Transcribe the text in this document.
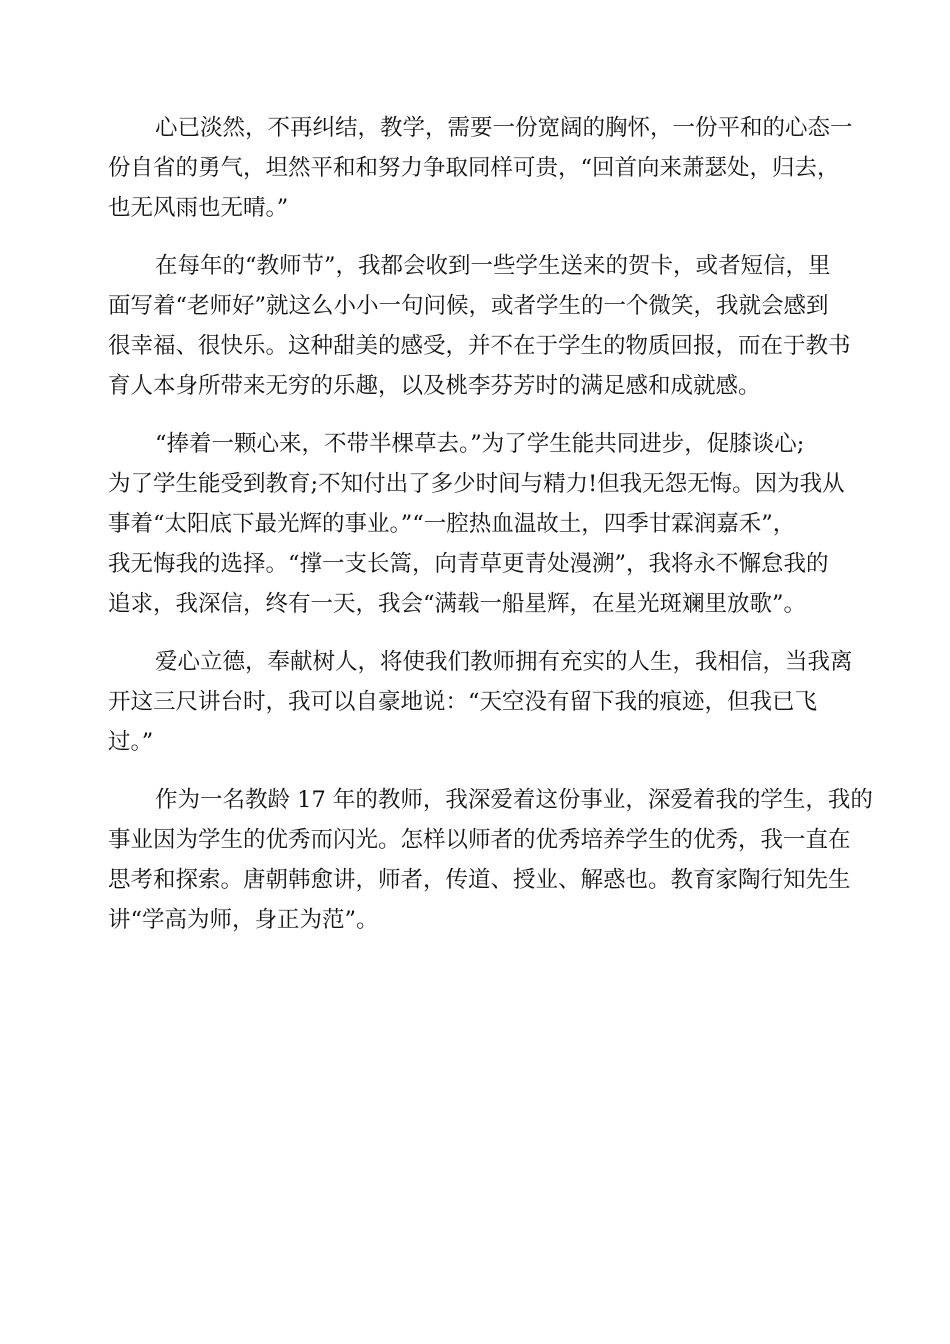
心已淡然，不再纠结，教学，需要一份宽阔的胸怀，一份平和的心态一
份自省的勇气，坦然平和和努力争取同样可贵，“回首向来萧瑟处，归去，
也无风雨也无晴。”

在每年的“教师节”，我都会收到一些学生送来的贺卡，或者短信，里
面写着“老师好”就这么小小一句问候，或者学生的一个微笑，我就会感到
很幸福、很快乐。这种甜美的感受，并不在于学生的物质回报，而在于教书
育人本身所带来无穷的乐趣，以及桃李芬芳时的满足感和成就感。

“捧着一颗心来，不带半棵草去。”为了学生能共同进步，促膝谈心;
为了学生能受到教育;不知付出了多少时间与精力!但我无怨无悔。因为我从
事着“太阳底下最光辉的事业。”“一腔热血温故土，四季甘霖润嘉禾”，
我无悔我的选择。“撑一支长篙，向青草更青处漫溯”，我将永不懈怠我的
追求，我深信，终有一天，我会“满载一船星辉，在星光斑斓里放歌”。

爱心立德，奉献树人，将使我们教师拥有充实的人生，我相信，当我离
开这三尺讲台时，我可以自豪地说：“天空没有留下我的痕迹，但我已飞
过。”

作为一名教龄 17 年的教师，我深爱着这份事业，深爱着我的学生，我的
事业因为学生的优秀而闪光。怎样以师者的优秀培养学生的优秀，我一直在
思考和探索。唐朝韩愈讲，师者，传道、授业、解惑也。教育家陶行知先生
讲“学高为师，身正为范”。
